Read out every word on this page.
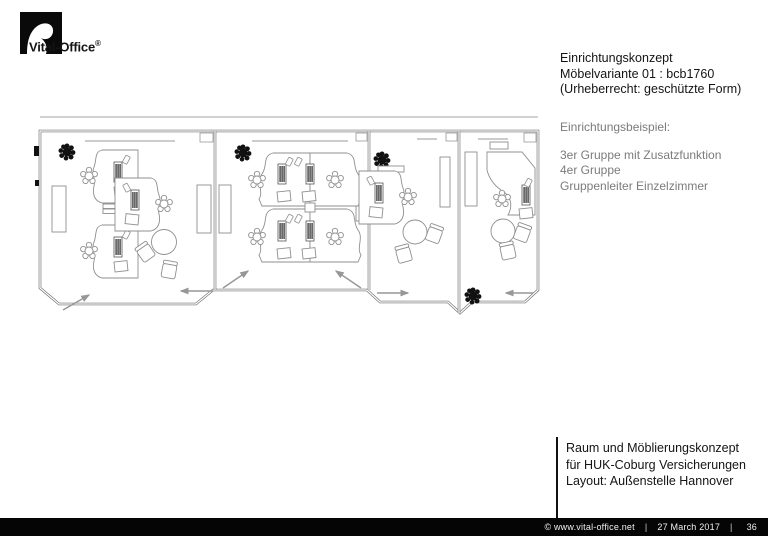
Vital-Office®
Einrichtungskonzept
Möbelvariante 01 : bcb1760
(Urheberrecht: geschützte Form)
Einrichtungsbeispiel:
3er Gruppe mit Zusatzfunktion
4er Gruppe
Gruppenleiter Einzelzimmer
Raum und Möblierungskonzept
für HUK-Coburg Versicherungen
Layout: Außenstelle Hannover
© www.vital-office.net | 27 March 2017 | 36
